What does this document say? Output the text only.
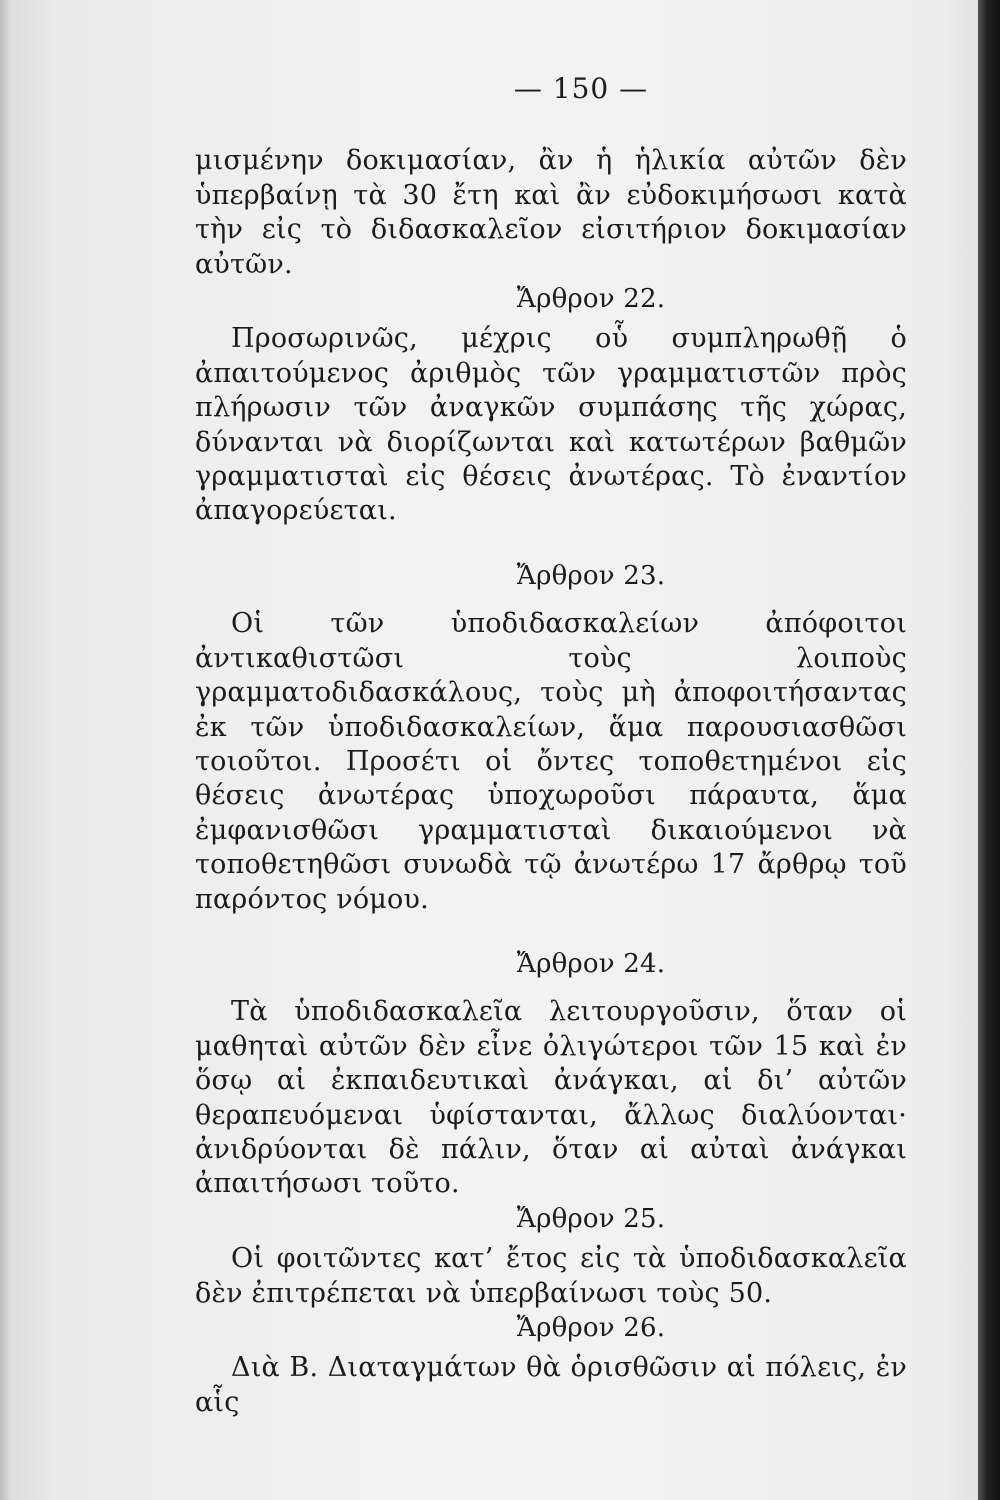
— 150 —

μισμένην δοκιμασίαν, ἂν ἡ ἡλικία αὐτῶν δὲν ὑπερβαίνῃ τὰ 30 ἔτη καὶ ἂν εὐδοκιμήσωσι κατὰ τὴν εἰς τὸ διδασκαλεῖον εἰσιτήριον δοκιμασίαν αὐτῶν.

Ἄρθρον 22.

Προσωρινῶς, μέχρις οὗ συμπληρωθῇ ὁ ἀπαιτούμενος ἀριθμὸς τῶν γραμματιστῶν πρὸς πλήρωσιν τῶν ἀναγκῶν συμπάσης τῆς χώρας, δύνανται νὰ διορίζωνται καὶ κατωτέρων βαθμῶν γραμματισταὶ εἰς θέσεις ἀνωτέρας. Τὸ ἐναντίον ἀπαγορεύεται.

Ἄρθρον 23.

Οἱ τῶν ὑποδιδασκαλείων ἀπόφοιτοι ἀντικαθιστῶσι τοὺς λοιποὺς γραμματοδιδασκάλους, τοὺς μὴ ἀποφοιτήσαντας ἐκ τῶν ὑποδιδασκαλείων, ἅμα παρουσιασθῶσι τοιοῦτοι. Προσέτι οἱ ὄντες τοποθετημένοι εἰς θέσεις ἀνωτέρας ὑποχωροῦσι πάραυτα, ἅμα ἐμφανισθῶσι γραμματισταὶ δικαιούμενοι νὰ τοποθετηθῶσι συνωδὰ τῷ ἀνωτέρω 17 ἄρθρῳ τοῦ παρόντος νόμου.

Ἄρθρον 24.

Τὰ ὑποδιδασκαλεῖα λειτουργοῦσιν, ὅταν οἱ μαθηταὶ αὐτῶν δὲν εἶνε ὀλιγώτεροι τῶν 15 καὶ ἐν ὅσῳ αἱ ἐκπαιδευτικαὶ ἀνάγκαι, αἱ δι’ αὐτῶν θεραπευόμεναι ὑφίστανται, ἄλλως διαλύονται· ἀνιδρύονται δὲ πάλιν, ὅταν αἱ αὐταὶ ἀνάγκαι ἀπαιτήσωσι τοῦτο.

Ἄρθρον 25.

Οἱ φοιτῶντες κατ’ ἔτος εἰς τὰ ὑποδιδασκαλεῖα δὲν ἐπιτρέπεται νὰ ὑπερβαίνωσι τοὺς 50.

Ἄρθρον 26.

Διὰ Β. Διαταγμάτων θὰ ὁρισθῶσιν αἱ πόλεις, ἐν αἷς
